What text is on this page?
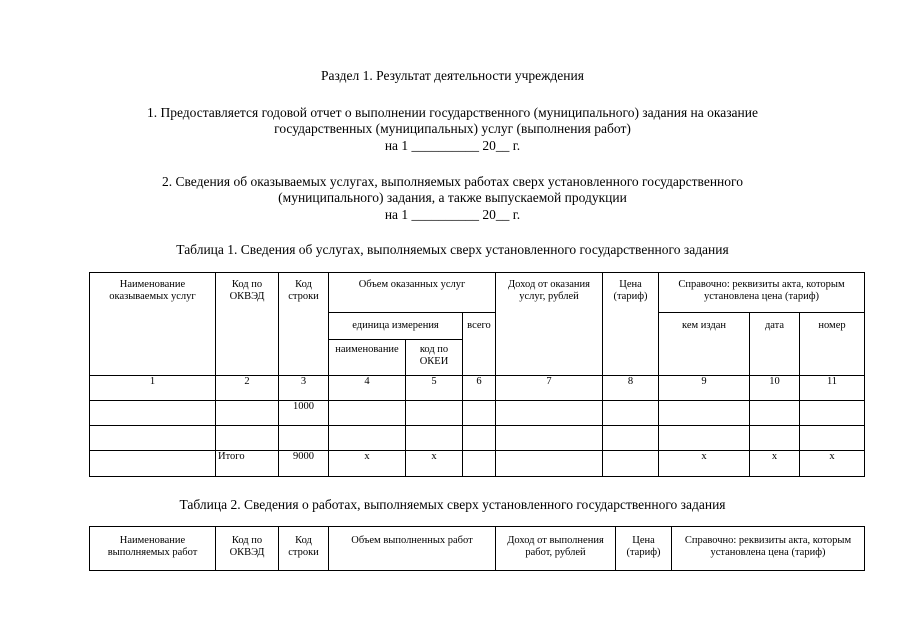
Раздел 1. Результат деятельности учреждения
1. Предоставляется годовой отчет о выполнении государственного (муниципального) задания на оказание
государственных (муниципальных) услуг (выполнения работ)
на 1 __________ 20__ г.
2. Сведения об оказываемых услугах, выполняемых работах сверх установленного государственного
(муниципального) задания, а также выпускаемой продукции
на 1 __________ 20__ г.
Таблица 1. Сведения об услугах, выполняемых сверх установленного государственного задания
Наименование оказываемых услуг	Код по ОКВЭД	Код строки	Объем оказанных услуг			Доход от оказания услуг, рублей	Цена (тариф)	Справочно: реквизиты акта, которым установлена цена (тариф)		
			единица измерения		всего			кем издан	дата	номер
			наименование	код по ОКЕИ						
1	2	3	4	5	6	7	8	9	10	11
		1000								

	Итого	9000	x	x				x	x	x
Таблица 2. Сведения о работах, выполняемых сверх установленного государственного задания
Наименование выполняемых работ	Код по ОКВЭД	Код строки	Объем выполненных работ	Доход от выполнения работ, рублей	Цена (тариф)	Справочно: реквизиты акта, которым установлена цена (тариф)
